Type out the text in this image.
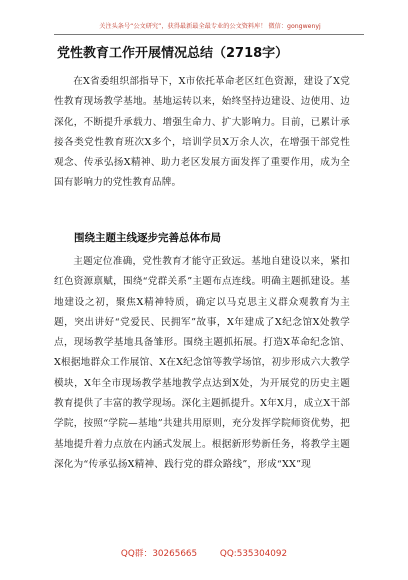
关注头条号“公文研究”，获得最新最全最专业的公文资料库！ 微信：gongwenyj
党性教育工作开展情况总结（2718字）

在X省委组织部指导下，X市依托革命老区红色资源，建设了X党性教育现场教学基地。基地运转以来，始终坚持边建设、边使用、边深化，不断提升承载力、增强生命力、扩大影响力。目前，已累计承接各类党性教育班次X多个，培训学员X万余人次，在增强干部党性观念、传承弘扬X精神、助力老区发展方面发挥了重要作用，成为全国有影响力的党性教育品牌。

围绕主题主线逐步完善总体布局

主题定位准确，党性教育才能守正致远。基地自建设以来，紧扣红色资源禀赋，围绕“党群关系”主题布点连线。明确主题抓建设。基地建设之初，聚焦X精神特质，确定以马克思主义群众观教育为主题，突出讲好“党爱民、民拥军”故事，X年建成了X纪念馆X处教学点，现场教学基地具备雏形。围绕主题抓拓展。打造X革命纪念馆、X根据地群众工作展馆、X在X纪念馆等教学场馆，初步形成六大教学模块，X年全市现场教学基地教学点达到X处，为开展党的历史主题教育提供了丰富的教学现场。深化主题抓提升。X年X月，成立X干部学院，按照“学院—基地”共建共用原则，充分发挥学院师资优势，把基地提升着力点放在内涵式发展上。根据新形势新任务，将教学主题深化为“传承弘扬X精神、践行党的群众路线”，形成“XX”现

QQ群：30265665	QQ:535304092
